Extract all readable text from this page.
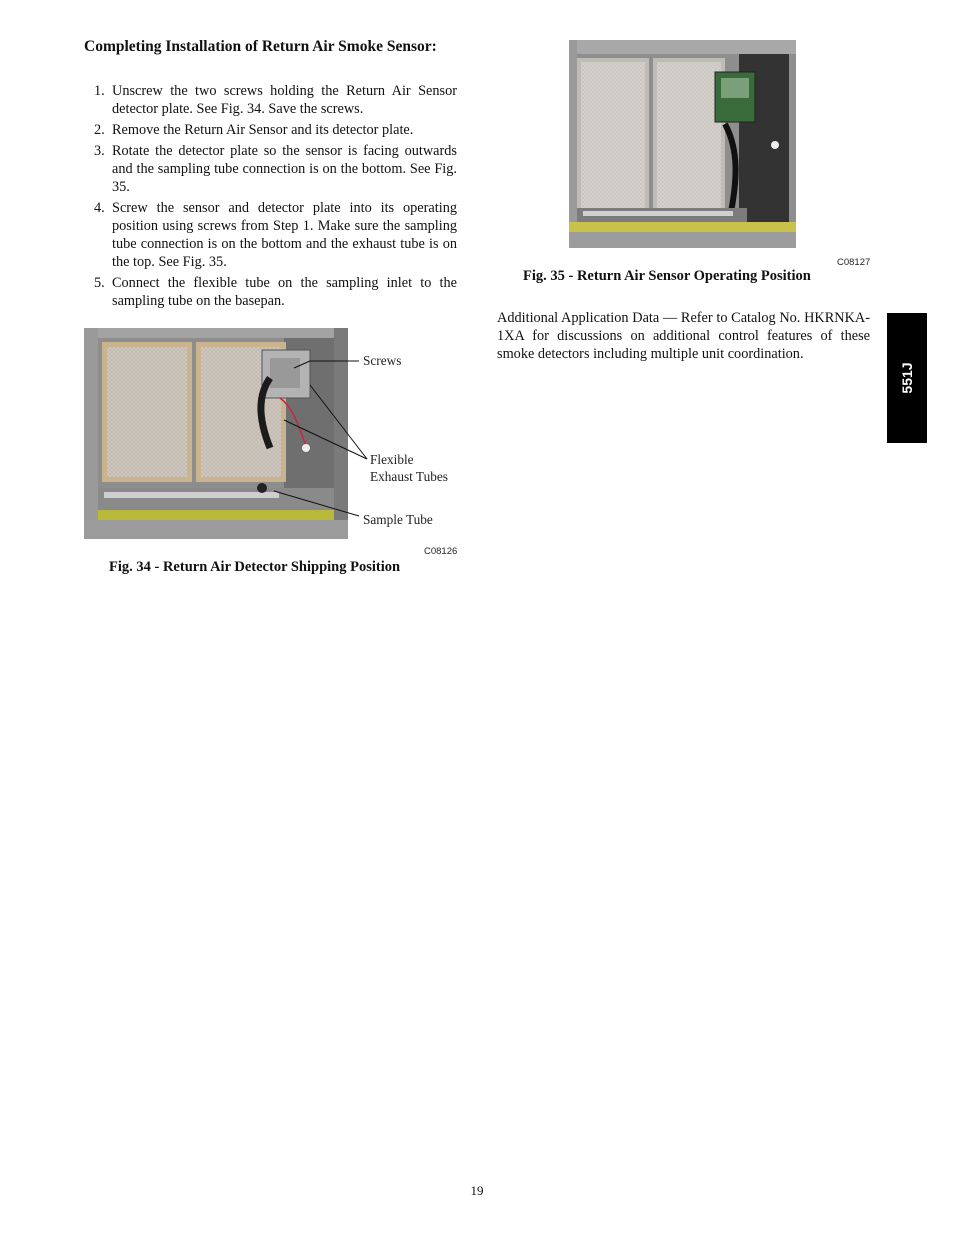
Completing Installation of Return Air Smoke Sensor:
1. Unscrew the two screws holding the Return Air Sensor detector plate. See Fig. 34. Save the screws.
2. Remove the Return Air Sensor and its detector plate.
3. Rotate the detector plate so the sensor is facing outwards and the sampling tube connection is on the bottom. See Fig. 35.
4. Screw the sensor and detector plate into its operating position using screws from Step 1. Make sure the sampling tube connection is on the bottom and the exhaust tube is on the top. See Fig. 35.
5. Connect the flexible tube on the sampling inlet to the sampling tube on the basepan.
Screws
Flexible
Exhaust Tubes
Sample Tube
C08126
Fig. 34 - Return Air Detector Shipping Position
C08127
Fig. 35 - Return Air Sensor Operating Position
Additional Application Data — Refer to Catalog No. HKRNKA-1XA for discussions on additional control features of these smoke detectors including multiple unit coordination.
551J
19
